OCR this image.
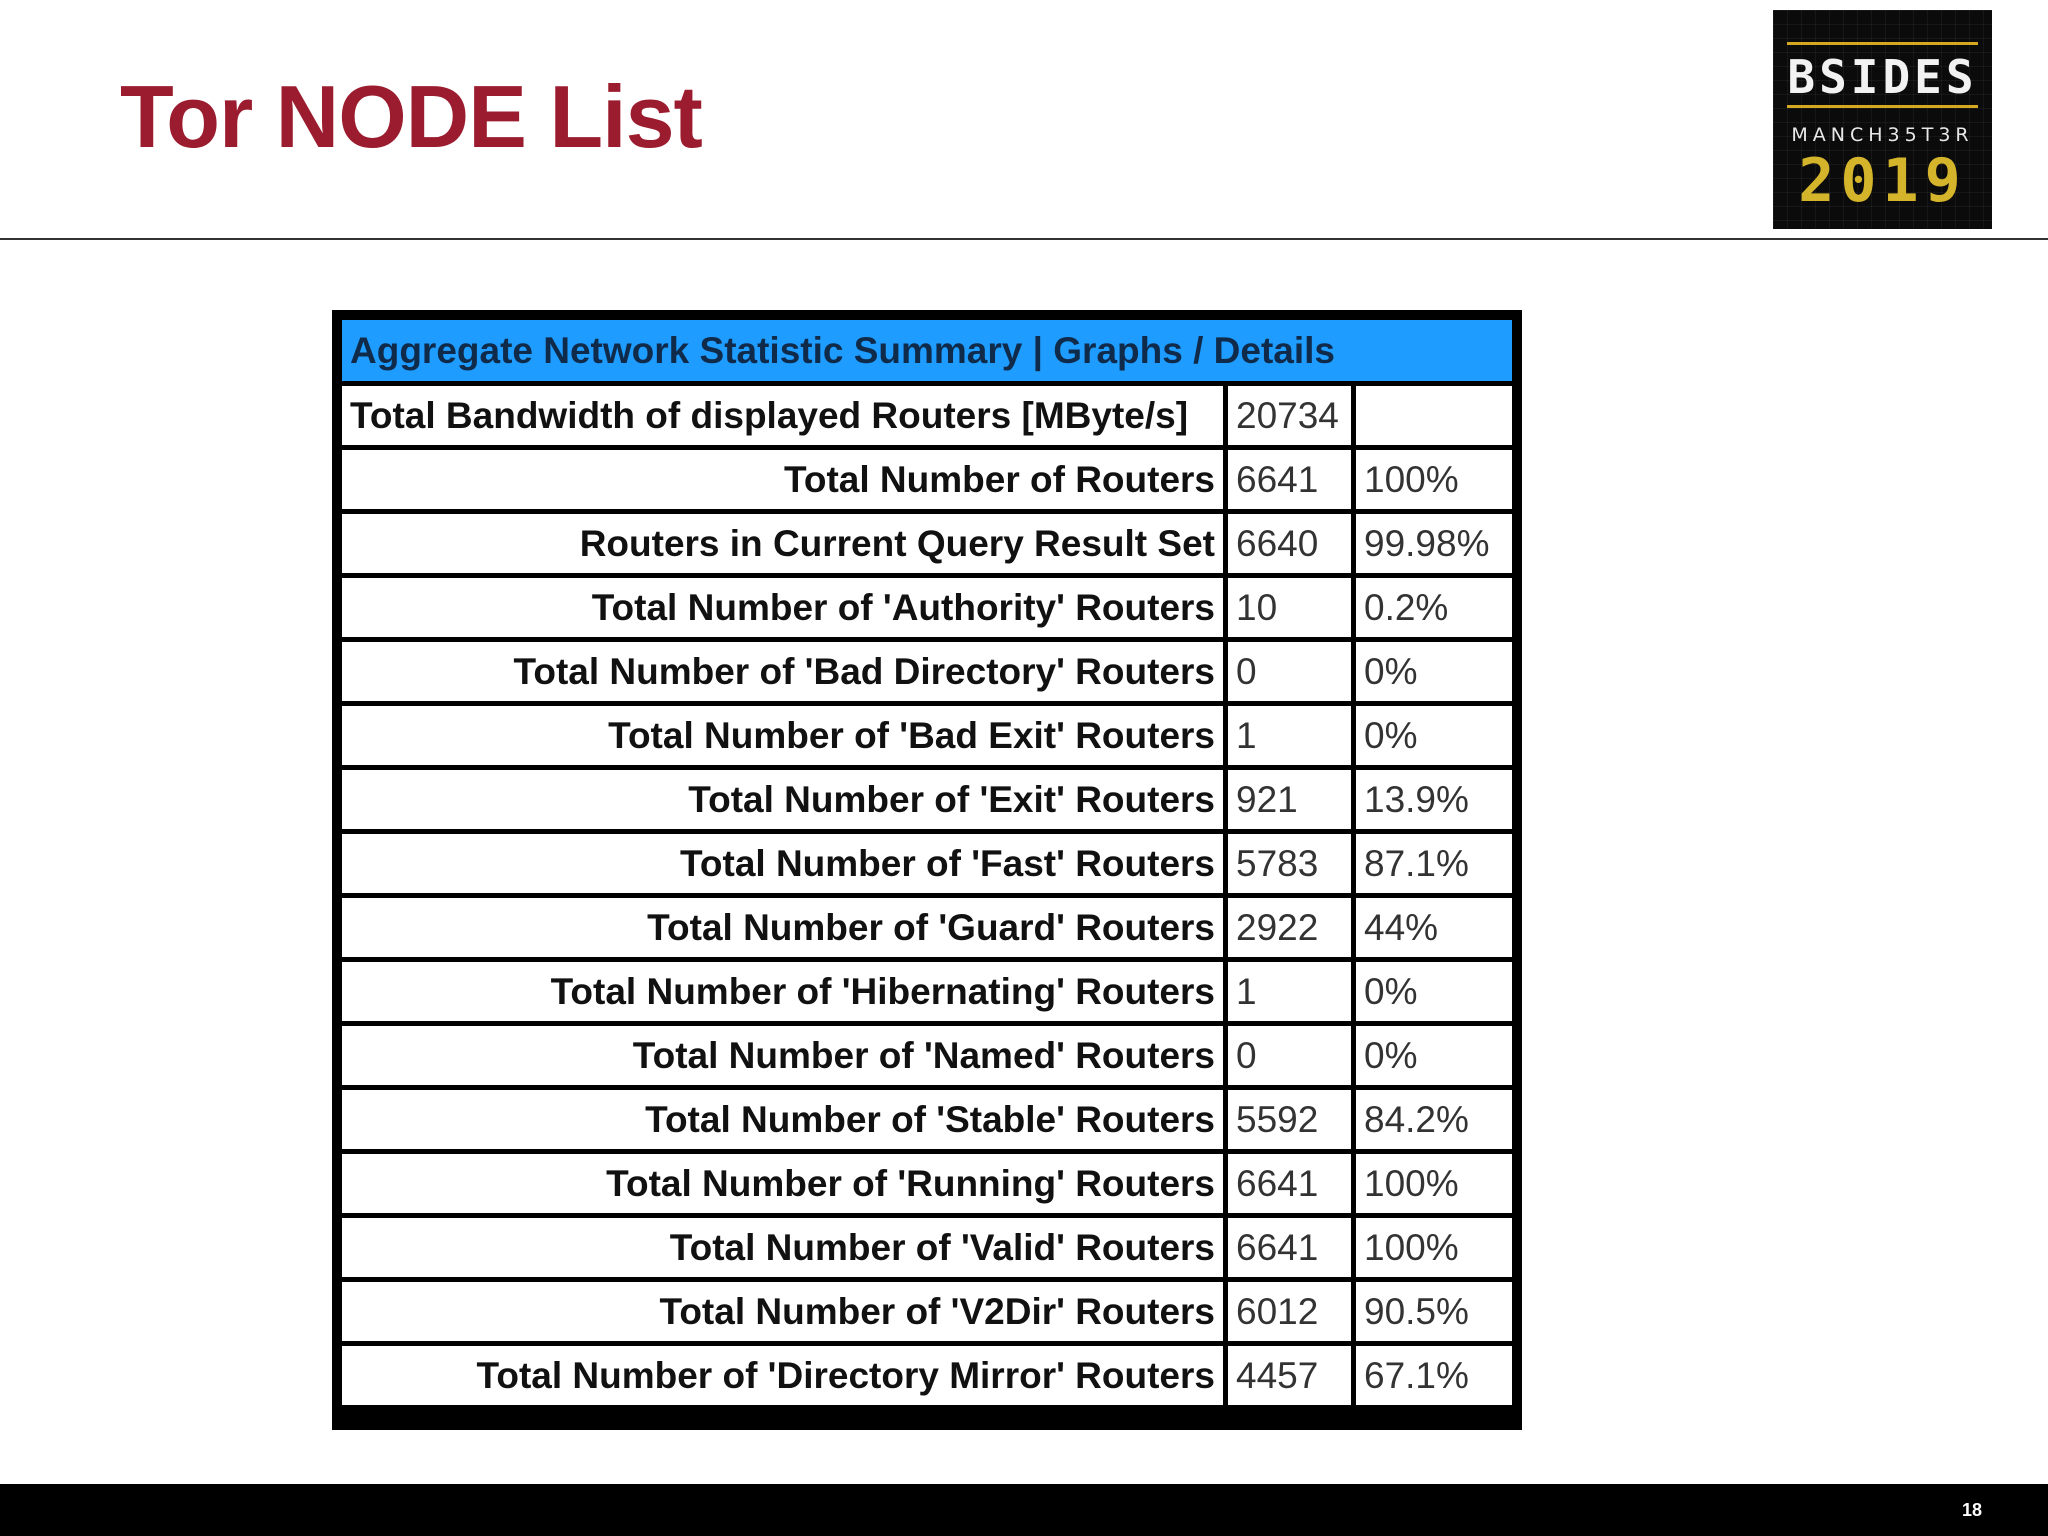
Tor NODE List	BSIDES
MANCH35T3R
2019
Aggregate Network Statistic Summary | Graphs / Details		
Total Bandwidth of displayed Routers [MByte/s]	20734	
Total Number of Routers	6641	100%
Routers in Current Query Result Set	6640	99.98%
Total Number of 'Authority' Routers	10	0.2%
Total Number of 'Bad Directory' Routers	0	0%
Total Number of 'Bad Exit' Routers	1	0%
Total Number of 'Exit' Routers	921	13.9%
Total Number of 'Fast' Routers	5783	87.1%
Total Number of 'Guard' Routers	2922	44%
Total Number of 'Hibernating' Routers	1	0%
Total Number of 'Named' Routers	0	0%
Total Number of 'Stable' Routers	5592	84.2%
Total Number of 'Running' Routers	6641	100%
Total Number of 'Valid' Routers	6641	100%
Total Number of 'V2Dir' Routers	6012	90.5%
Total Number of 'Directory Mirror' Routers	4457	67.1%
18
